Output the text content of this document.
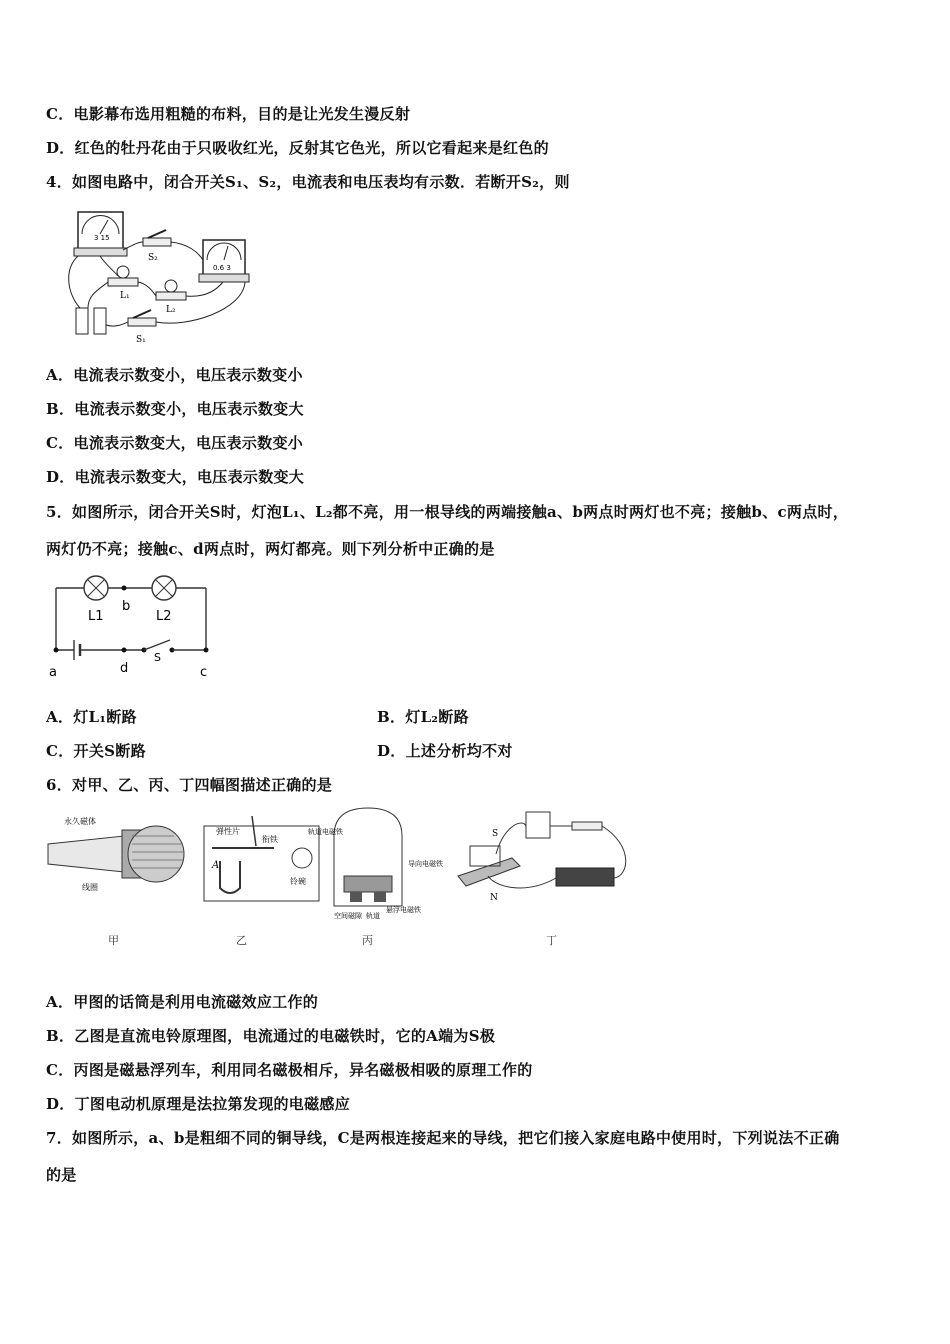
C．电影幕布选用粗糙的布料，目的是让光发生漫反射
D．红色的牡丹花由于只吸收红光，反射其它色光，所以它看起来是红色的
4．如图电路中，闭合开关S₁、S₂，电流表和电压表均有示数．若断开S₂，则
3 15
0.6 3
S₂
L₁
L₂
S₁
A．电流表示数变小，电压表示数变小
B．电流表示数变小，电压表示数变大
C．电流表示数变大，电压表示数变小
D．电流表示数变大，电压表示数变大
5．如图所示，闭合开关S时，灯泡L₁、L₂都不亮，用一根导线的两端接触a、b两点时两灯也不亮；接触b、c两点时，
两灯仍不亮；接触c、d两点时，两灯都亮。则下列分析中正确的是
L1	L2
b
a	d
S
c
A．灯L₁断路	B．灯L₂断路
C．开关S断路	D．上述分析均不对
6．对甲、乙、丙、丁四幅图描述正确的是
永久磁体
线圈
弹性片
衔铁
A
铃碗
轨道电磁铁
导向电磁铁
空间磁隙 轨道
悬浮电磁铁
S
N
甲	乙	丙	丁
A．甲图的话筒是利用电流磁效应工作的
B．乙图是直流电铃原理图，电流通过的电磁铁时，它的A端为S极
C．丙图是磁悬浮列车，利用同名磁极相斥，异名磁极相吸的原理工作的
D．丁图电动机原理是法拉第发现的电磁感应
7．如图所示，a、b是粗细不同的铜导线，C是两根连接起来的导线，把它们接入家庭电路中使用时，下列说法不正确
的是
